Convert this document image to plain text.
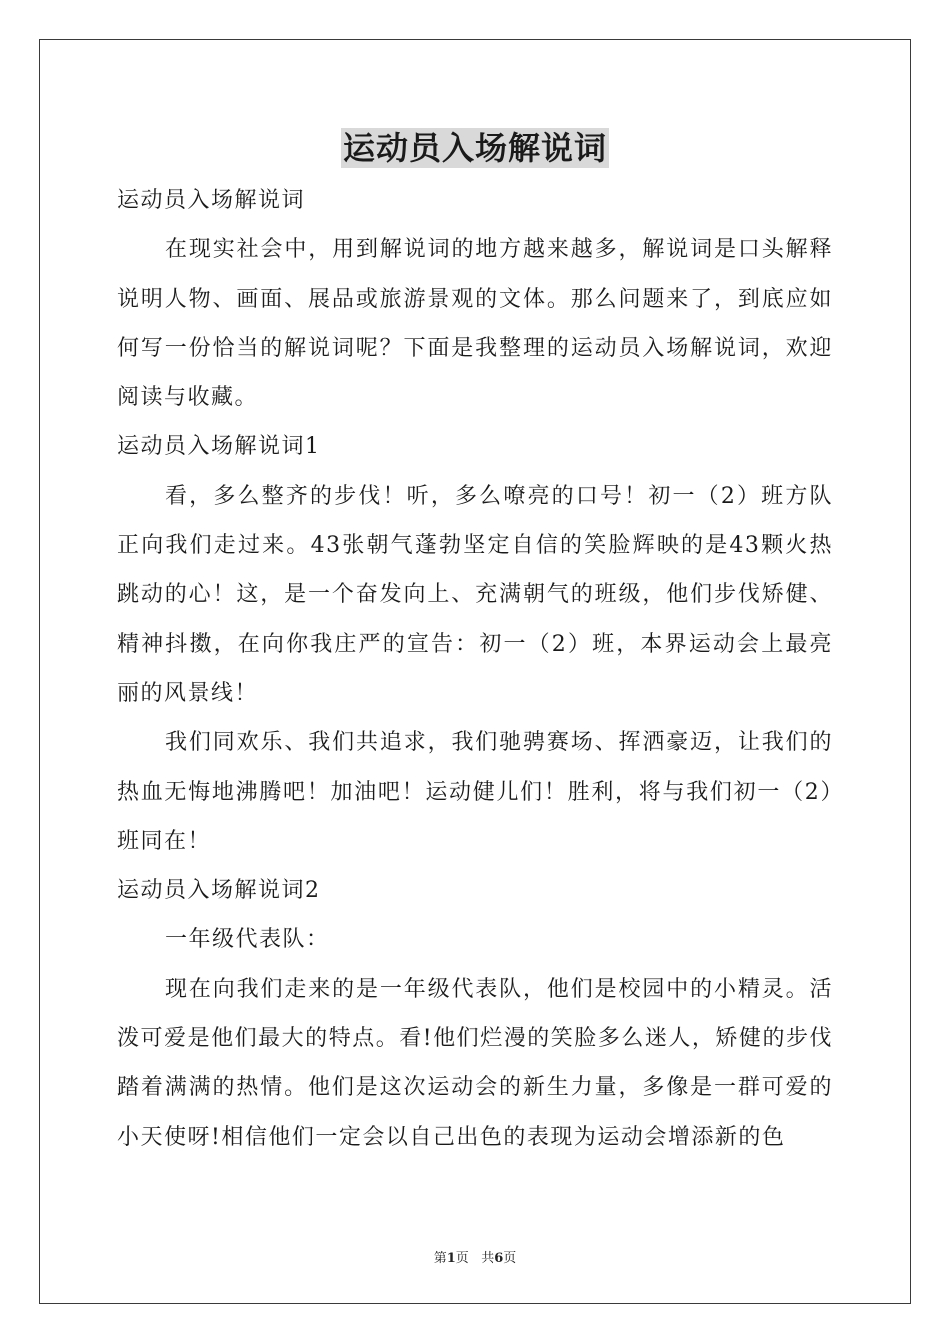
运动员入场解说词

运动员入场解说词

在现实社会中，用到解说词的地方越来越多，解说词是口头解释说明人物、画面、展品或旅游景观的文体。那么问题来了，到底应如何写一份恰当的解说词呢？下面是我整理的运动员入场解说词，欢迎阅读与收藏。

运动员入场解说词1

看，多么整齐的步伐！听，多么嘹亮的口号！初一（2）班方队正向我们走过来。43张朝气蓬勃坚定自信的笑脸辉映的是43颗火热跳动的心！这，是一个奋发向上、充满朝气的班级，他们步伐矫健、精神抖擞，在向你我庄严的宣告：初一（2）班，本界运动会上最亮丽的风景线！

我们同欢乐、我们共追求，我们驰骋赛场、挥洒豪迈，让我们的热血无悔地沸腾吧！加油吧！运动健儿们！胜利，将与我们初一（2）班同在！

运动员入场解说词2

一年级代表队：

现在向我们走来的是一年级代表队，他们是校园中的小精灵。活泼可爱是他们最大的特点。看!他们烂漫的笑脸多么迷人，矫健的步伐踏着满满的热情。他们是这次运动会的新生力量，多像是一群可爱的小天使呀!相信他们一定会以自己出色的表现为运动会增添新的色

第1页 共6页
